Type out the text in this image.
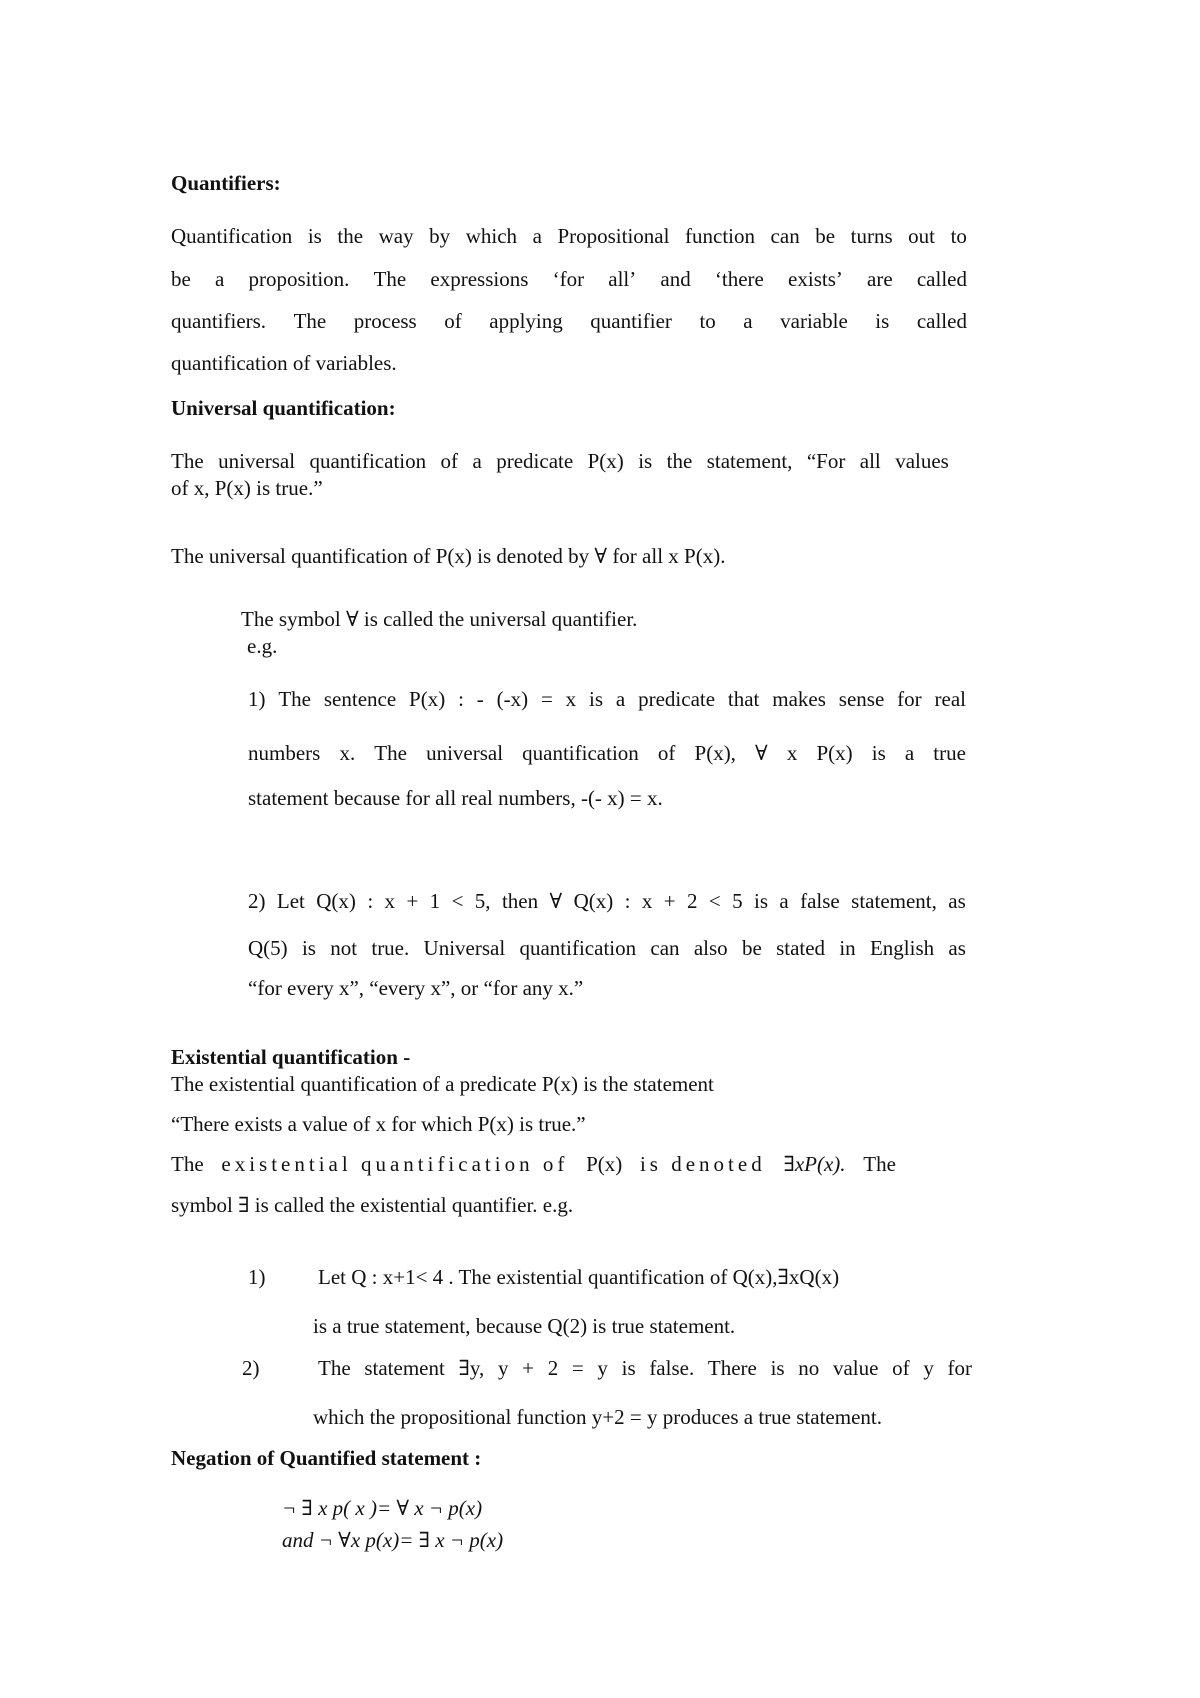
Quantifiers:
Quantification is the way by which a Propositional function can be turns out to
be a proposition. The expressions ‘for all’ and ‘there exists’ are called
quantifiers. The process of applying quantifier to a variable is called
quantification of variables.
Universal quantification:
The universal quantification of a predicate P(x) is the statement, “For all values
of x, P(x) is true.”
The universal quantification of P(x) is denoted by ∀ for all x P(x).
The symbol ∀ is called the universal quantifier.
e.g.
1) The sentence P(x) : - (-x) = x is a predicate that makes sense for real
numbers x. The universal quantification of P(x), ∀ x P(x) is a true
statement because for all real numbers, -(- x) = x.
2) Let Q(x) : x + 1 < 5, then ∀ Q(x) : x + 2 < 5 is a false statement, as
Q(5) is not true. Universal quantification can also be stated in English as
“for every x”, “every x”, or “for any x.”
Existential quantification -
The existential quantification of a predicate P(x) is the statement
“There exists a value of x for which P(x) is true.”
The existential quantification of P(x) is denoted ∃xP(x). The
symbol ∃ is called the existential quantifier. e.g.
1)	Let Q : x+1< 4 . The existential quantification of Q(x),∃xQ(x)
is a true statement, because Q(2) is true statement.
2)	The statement ∃y, y + 2 = y is false. There is no value of y for
which the propositional function y+2 = y produces a true statement.
Negation of Quantified statement :
¬ ∃ x p( x )= ∀ x ¬ p(x)
and ¬ ∀x p(x)= ∃ x ¬ p(x)
